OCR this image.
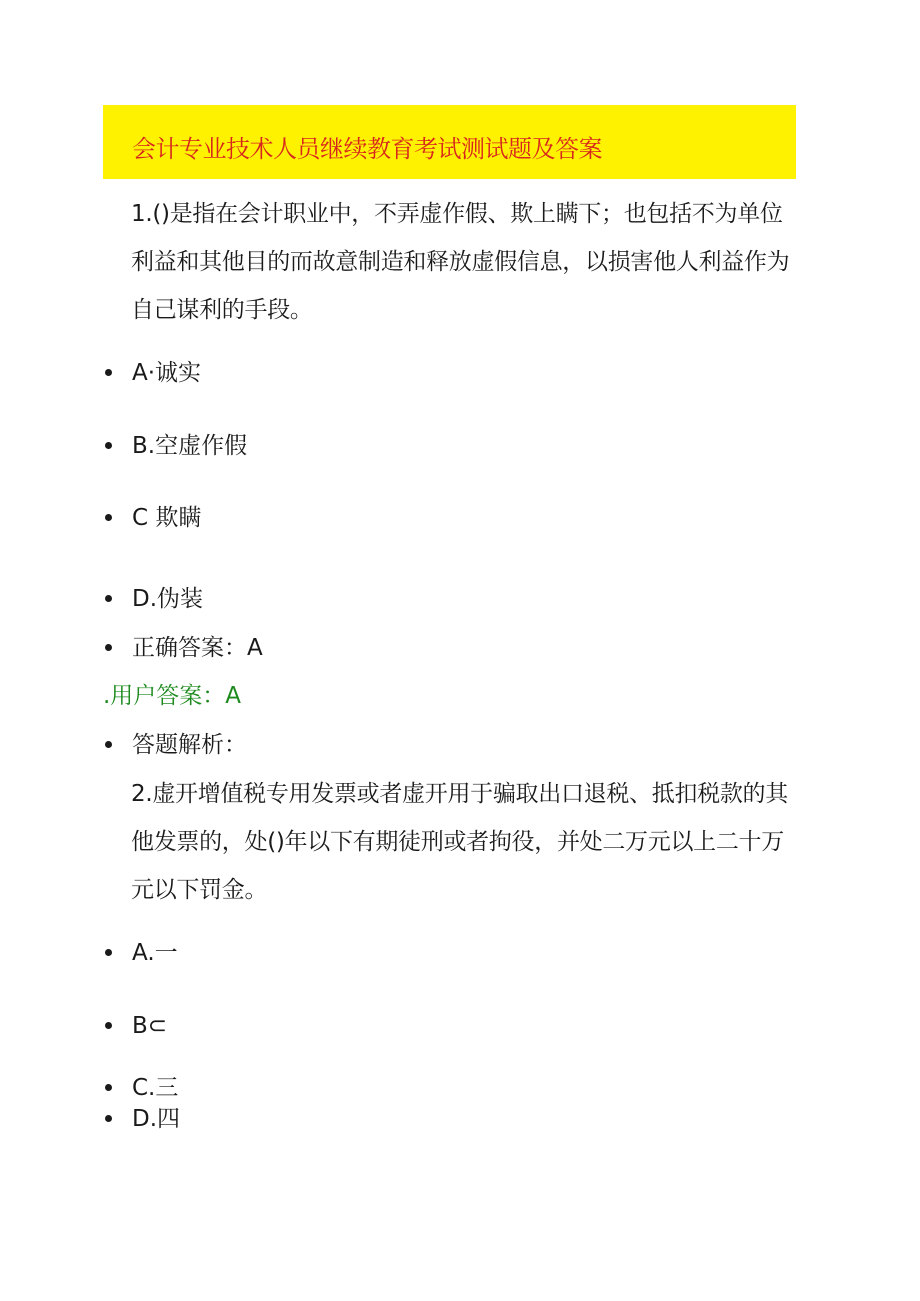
会计专业技术人员继续教育考试测试题及答案
1.()是指在会计职业中，不弄虚作假、欺上瞒下；也包括不为单位利益和其他目的而故意制造和释放虚假信息，以损害他人利益作为自己谋利的手段。
A·诚实
B.空虚作假
C 欺瞒
D.伪装
正确答案：A
.用户答案：A
答题解析：
2.虚开增值税专用发票或者虚开用于骗取出口退税、抵扣税款的其他发票的，处()年以下有期徒刑或者拘役，并处二万元以上二十万元以下罚金。
A.一
B⊂
C.三
D.四
